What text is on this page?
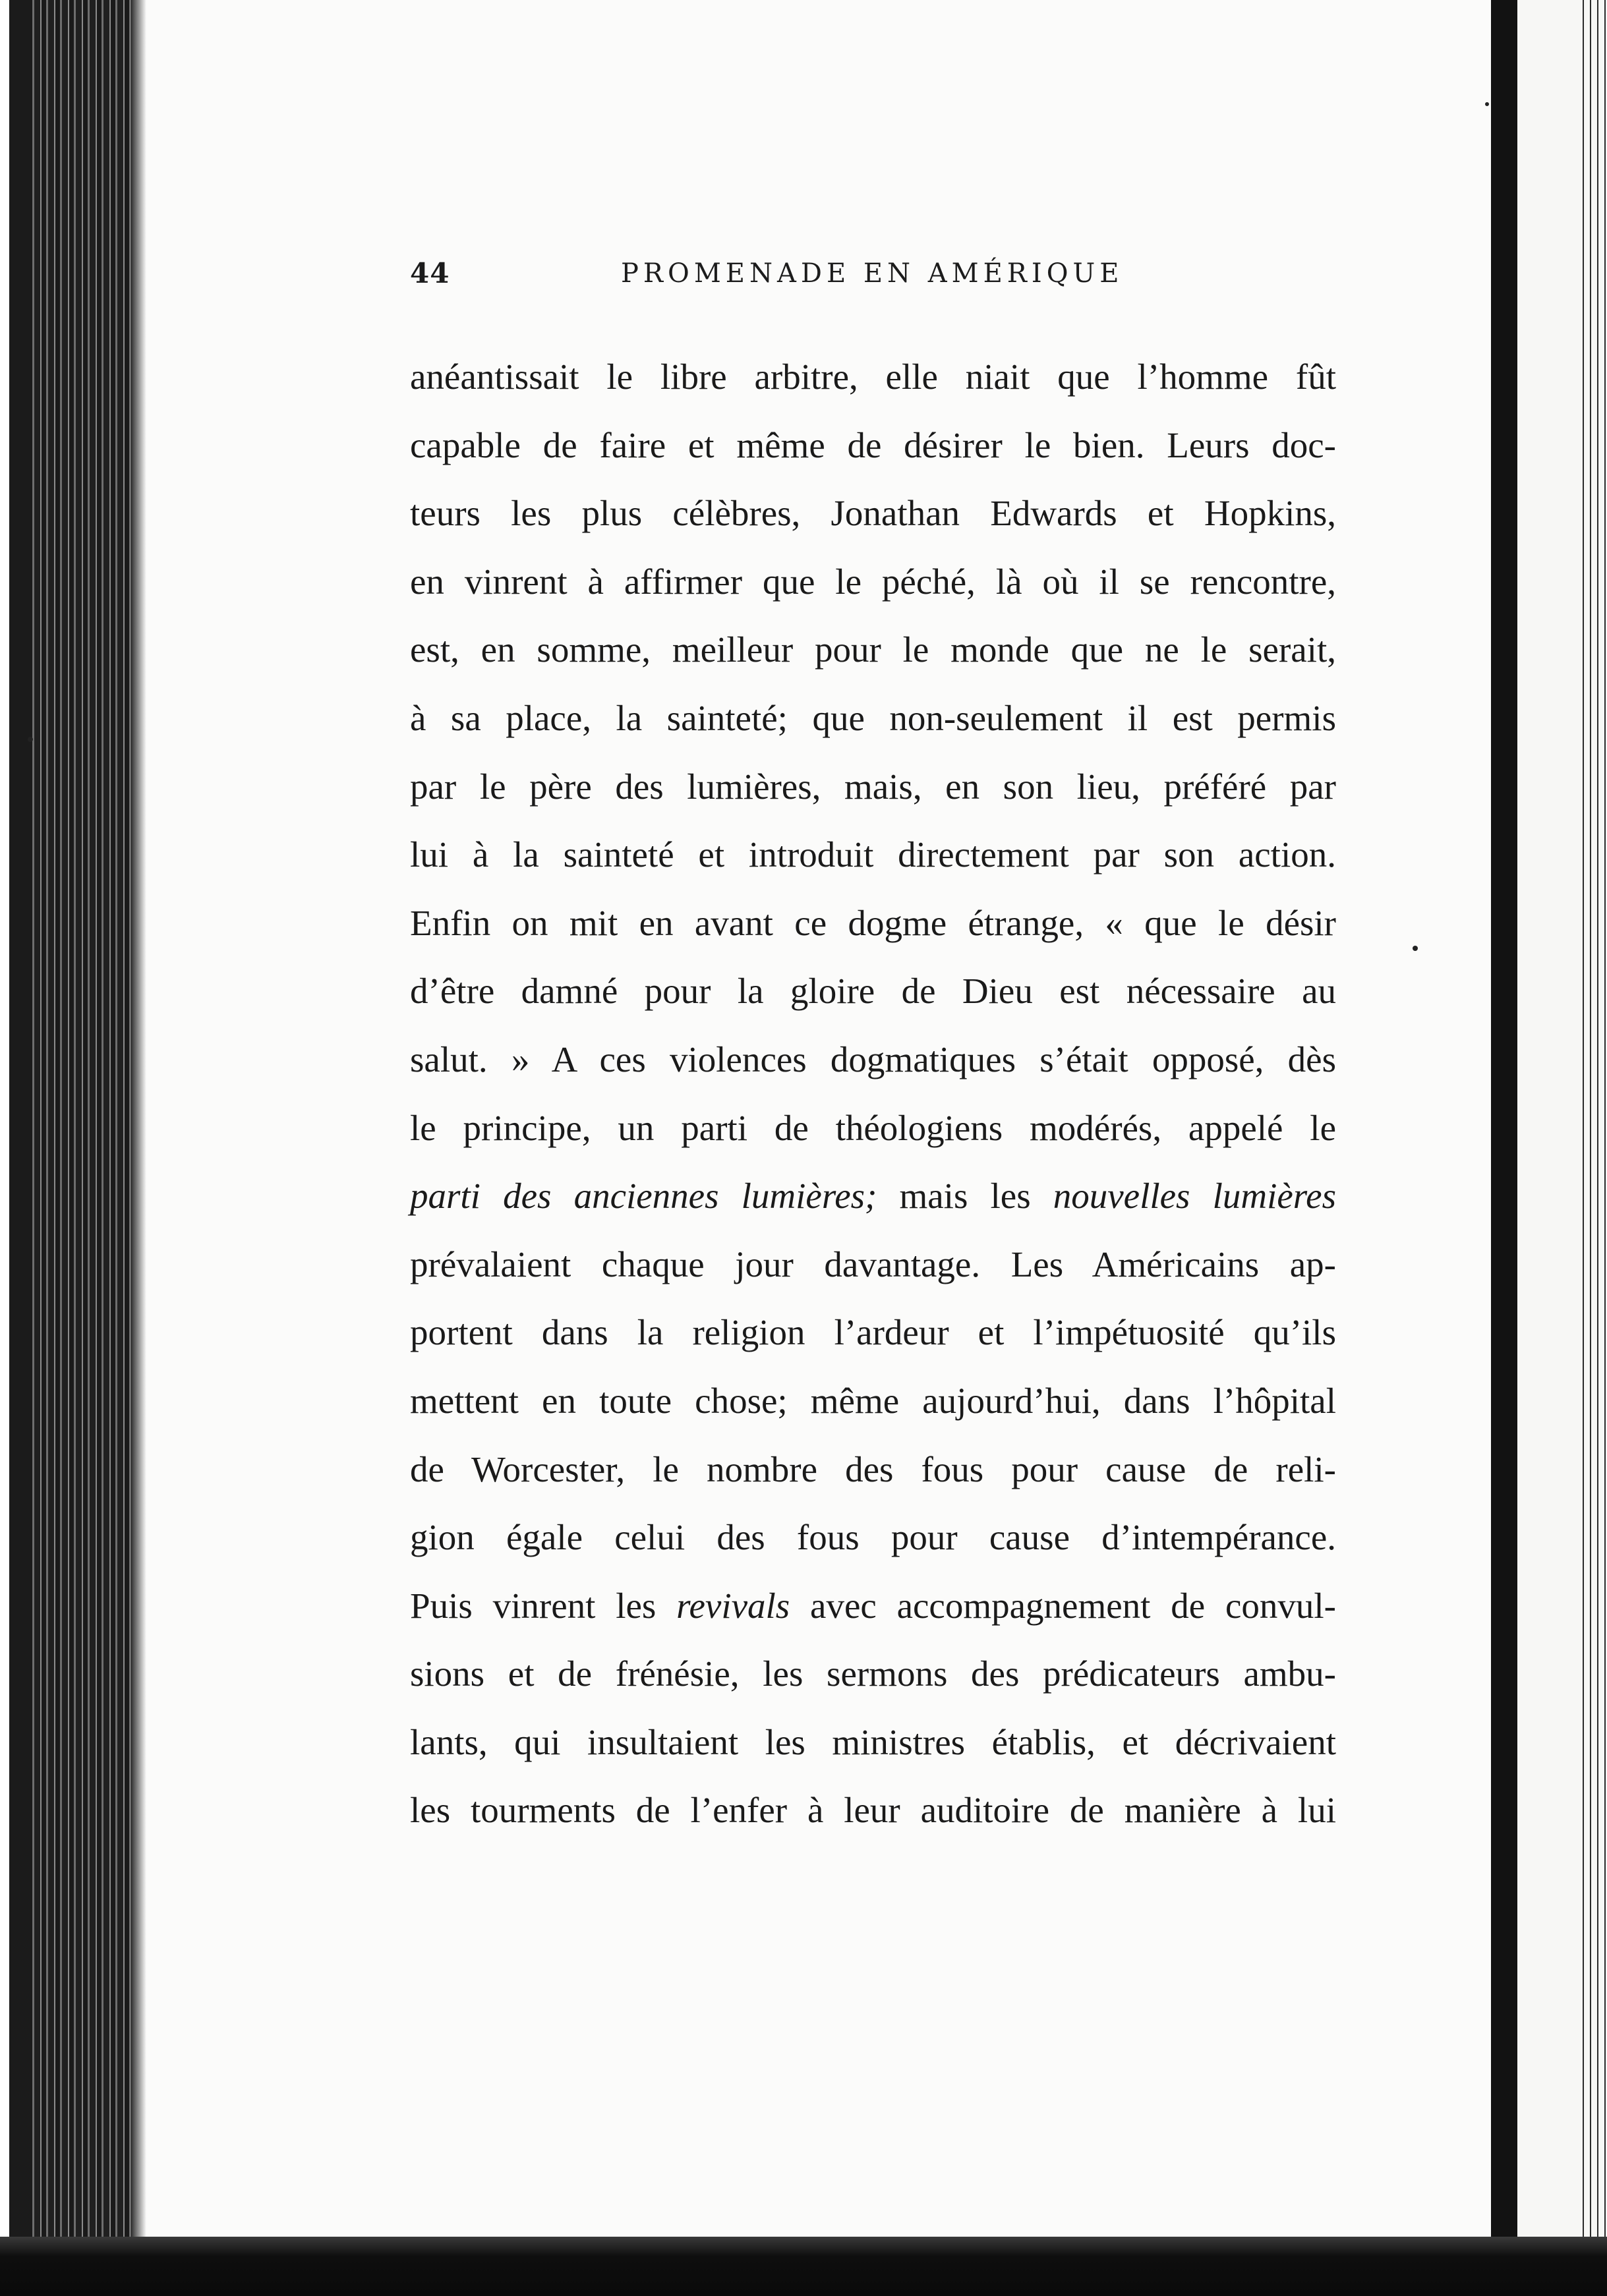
44	PROMENADE EN AMÉRIQUE
anéantissait le libre arbitre, elle niait que l’homme fût
capable de faire et même de désirer le bien. Leurs doc-
teurs les plus célèbres, Jonathan Edwards et Hopkins,
en vinrent à affirmer que le péché, là où il se rencontre,
est, en somme, meilleur pour le monde que ne le serait,
à sa place, la sainteté; que non-seulement il est permis
par le père des lumières, mais, en son lieu, préféré par
lui à la sainteté et introduit directement par son action.
Enfin on mit en avant ce dogme étrange, « que le désir
d’être damné pour la gloire de Dieu est nécessaire au
salut. » A ces violences dogmatiques s’était opposé, dès
le principe, un parti de théologiens modérés, appelé le
parti des anciennes lumières; mais les nouvelles lumières
prévalaient chaque jour davantage. Les Américains ap-
portent dans la religion l’ardeur et l’impétuosité qu’ils
mettent en toute chose; même aujourd’hui, dans l’hôpital
de Worcester, le nombre des fous pour cause de reli-
gion égale celui des fous pour cause d’intempérance.
Puis vinrent les revivals avec accompagnement de convul-
sions et de frénésie, les sermons des prédicateurs ambu-
lants, qui insultaient les ministres établis, et décrivaient
les tourments de l’enfer à leur auditoire de manière à lui
